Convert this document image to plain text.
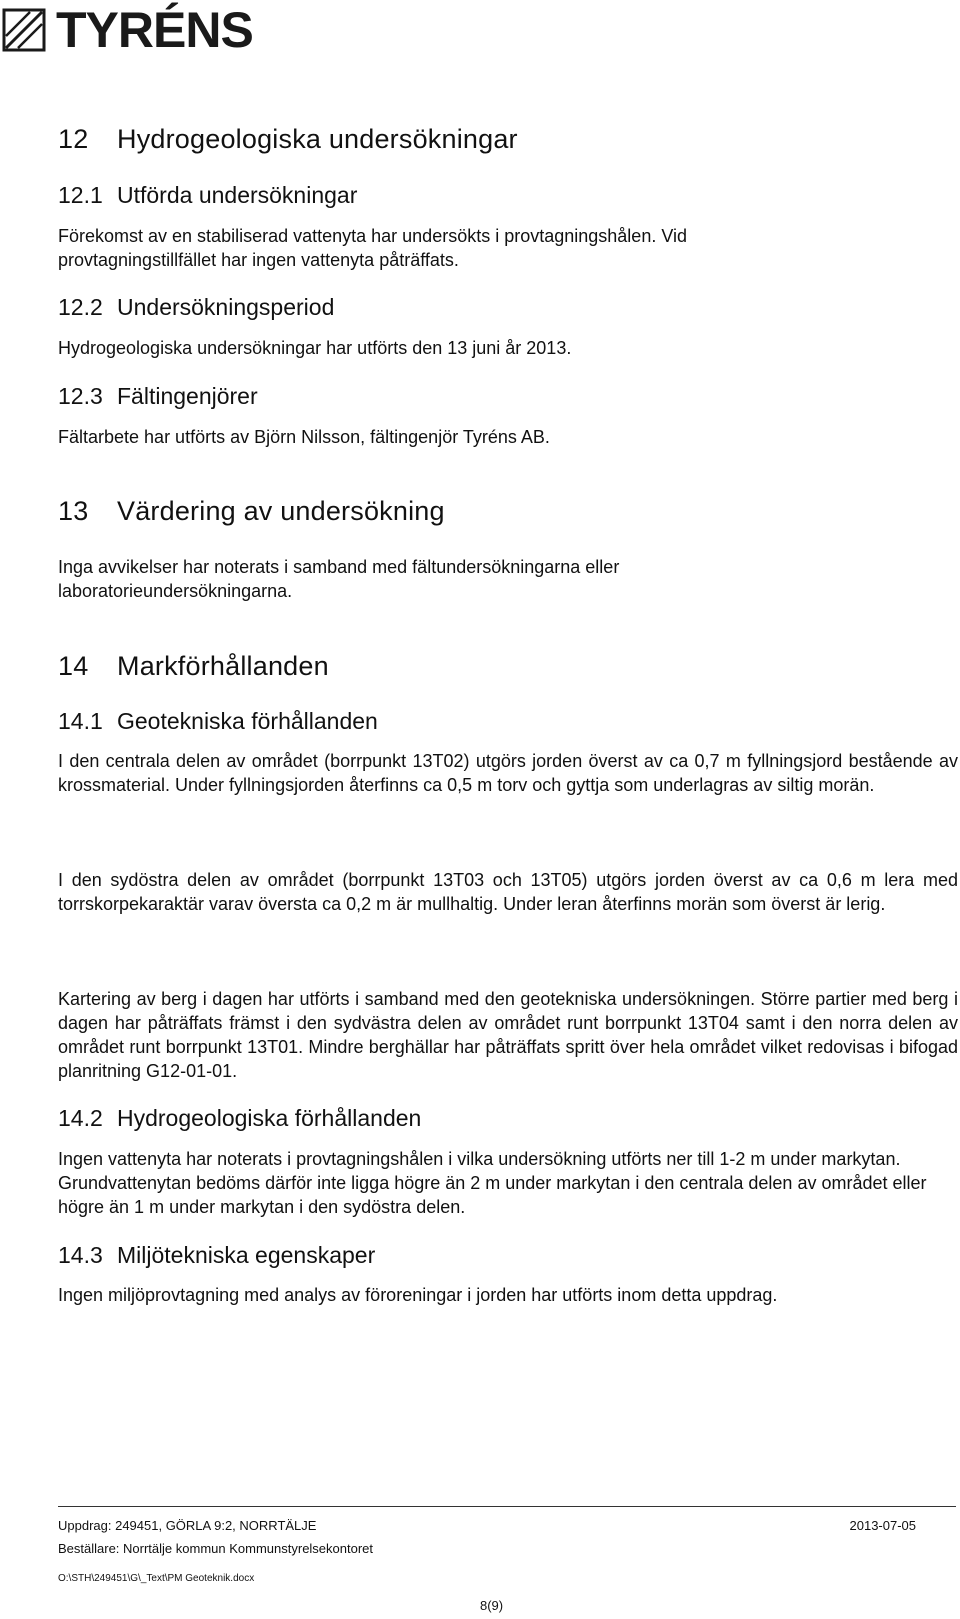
TYRÉNS
12 Hydrogeologiska undersökningar
12.1 Utförda undersökningar
Förekomst av en stabiliserad vattenyta har undersökts i provtagningshålen. Vid provtagningstillfället har ingen vattenyta påträffats.
12.2 Undersökningsperiod
Hydrogeologiska undersökningar har utförts den 13 juni år 2013.
12.3 Fältingenjörer
Fältarbete har utförts av Björn Nilsson, fältingenjör Tyréns AB.
13 Värdering av undersökning
Inga avvikelser har noterats i samband med fältundersökningarna eller laboratorieundersökningarna.
14 Markförhållanden
14.1 Geotekniska förhållanden
I den centrala delen av området (borrpunkt 13T02) utgörs jorden överst av ca 0,7 m fyllningsjord bestående av krossmaterial. Under fyllningsjorden återfinns ca 0,5 m torv och gyttja som underlagras av siltig morän.
I den sydöstra delen av området (borrpunkt 13T03 och 13T05) utgörs jorden överst av ca 0,6 m lera med torrskorpekaraktär varav översta ca 0,2 m är mullhaltig. Under leran återfinns morän som överst är lerig.
Kartering av berg i dagen har utförts i samband med den geotekniska undersökningen. Större partier med berg i dagen har påträffats främst i den sydvästra delen av området runt borrpunkt 13T04 samt i den norra delen av området runt borrpunkt 13T01. Mindre berghällar har påträffats spritt över hela området vilket redovisas i bifogad planritning G12-01-01.
14.2 Hydrogeologiska förhållanden
Ingen vattenyta har noterats i provtagningshålen i vilka undersökning utförts ner till 1-2 m under markytan. Grundvattenytan bedöms därför inte ligga högre än 2 m under markytan i den centrala delen av området eller högre än 1 m under markytan i den sydöstra delen.
14.3 Miljötekniska egenskaper
Ingen miljöprovtagning med analys av föroreningar i jorden har utförts inom detta uppdrag.
Uppdrag: 249451, GÖRLA 9:2, NORRTÄLJE	2013-07-05
Beställare: Norrtälje kommun Kommunstyrelsekontoret
O:\STH\249451\G\_Text\PM Geoteknik.docx
8(9)
